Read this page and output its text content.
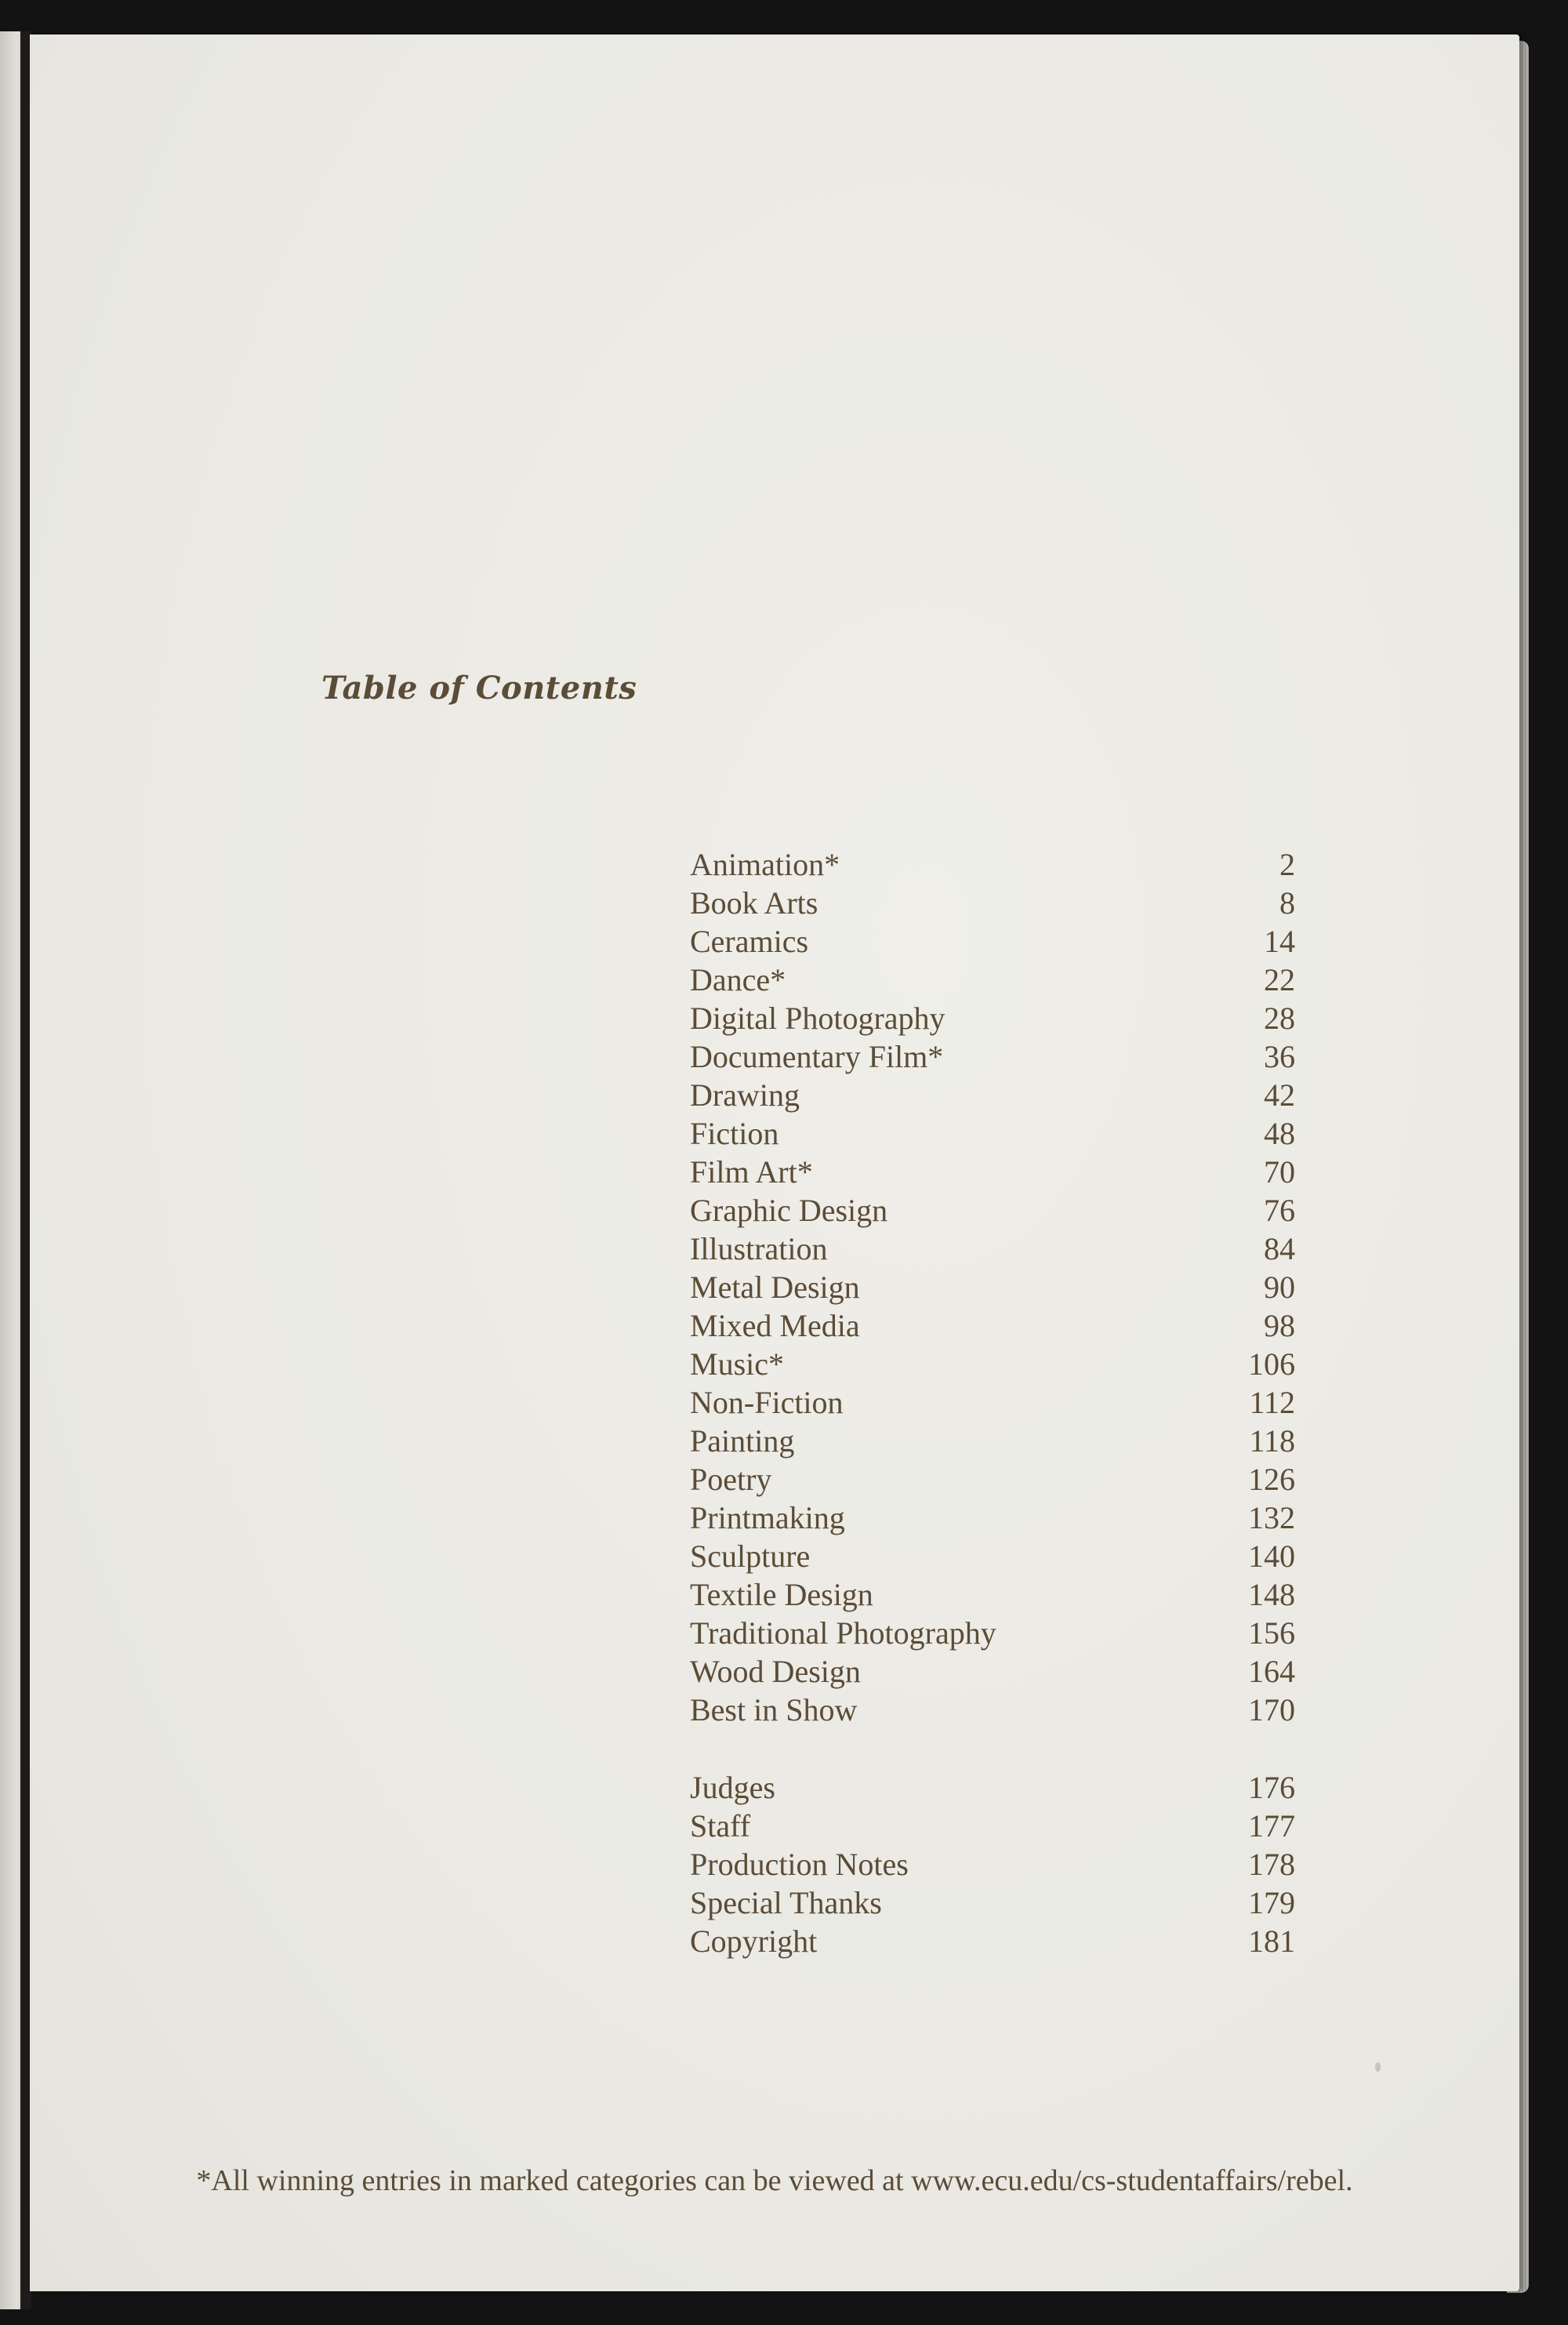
Table of Contents
Animation*	2
Book Arts	8
Ceramics	14
Dance*	22
Digital Photography	28
Documentary Film*	36
Drawing	42
Fiction	48
Film Art*	70
Graphic Design	76
Illustration	84
Metal Design	90
Mixed Media	98
Music*	106
Non-Fiction	112
Painting	118
Poetry	126
Printmaking	132
Sculpture	140
Textile Design	148
Traditional Photography	156
Wood Design	164
Best in Show	170
Judges	176
Staff	177
Production Notes	178
Special Thanks	179
Copyright	181

*All winning entries in marked categories can be viewed at www.ecu.edu/cs-studentaffairs/rebel.
